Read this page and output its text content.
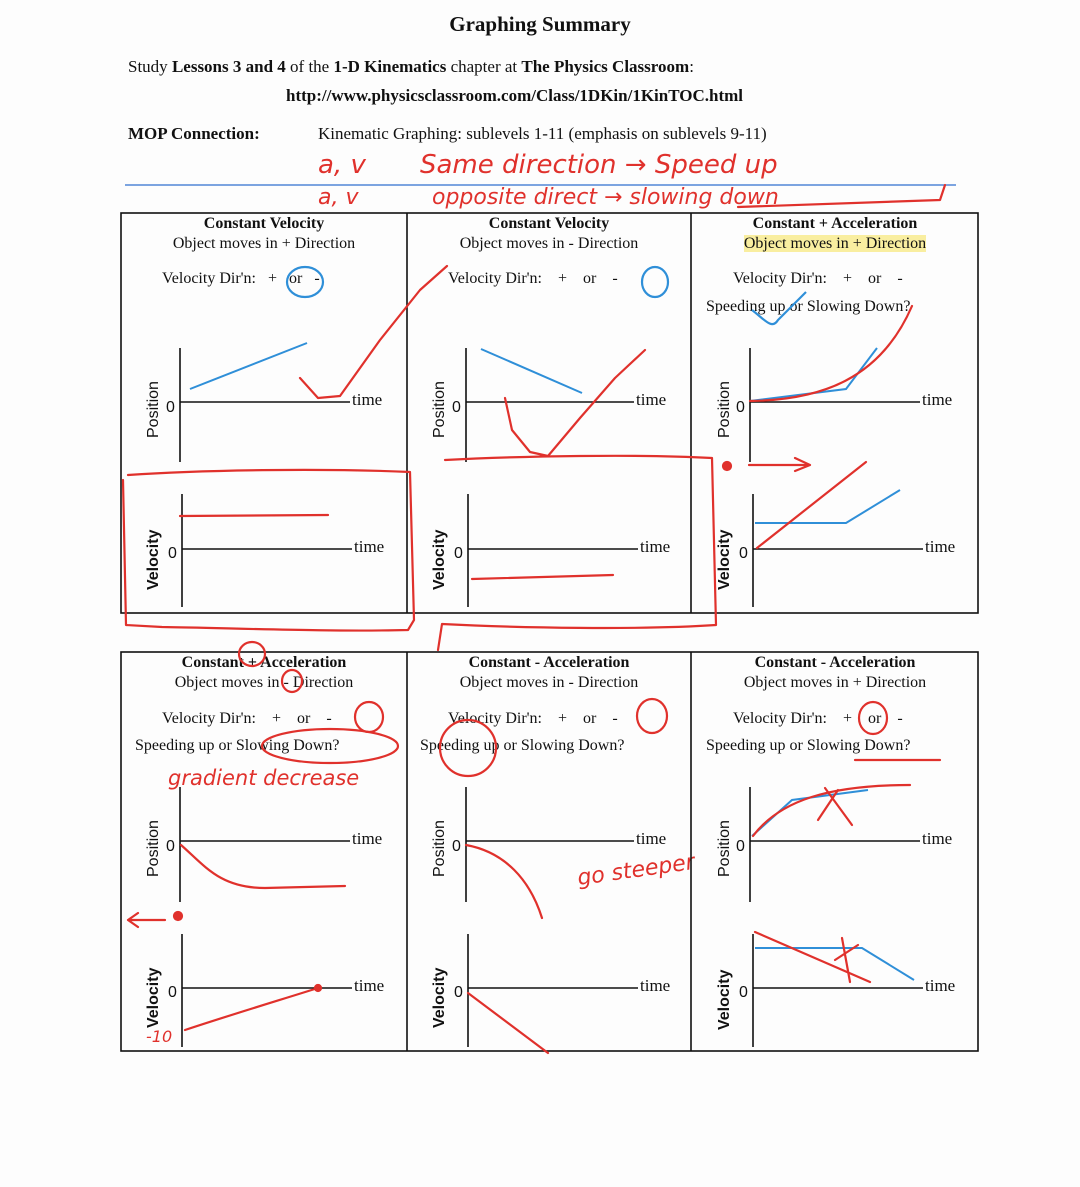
Graphing Summary
Study Lessons 3 and 4 of the 1-D Kinematics chapter at The Physics Classroom:
http://www.physicsclassroom.com/Class/1DKin/1KinTOC.html
MOP Connection:	Kinematic Graphing: sublevels 1-11 (emphasis on sublevels 9-11)
a, v Same direction → Speed up
a, v	opposite direct → slowing down
gradient decrease
go steeper
-10
Constant Velocity
Object moves in + Direction
Constant Velocity
Object moves in - Direction
Constant + Acceleration
Object moves in + Direction
Constant + Acceleration
Object moves in - Direction
Constant - Acceleration
Object moves in - Direction
Constant - Acceleration
Object moves in + Direction
Velocity Dir'n: + or -	Velocity Dir'n: + or -	Velocity Dir'n: + or -
Speeding up or Slowing Down?
Velocity Dir'n: + or -
Speeding up or Slowing Down?
Velocity Dir'n: + or -
Speeding up or Slowing Down?
Velocity Dir'n: + or -
Speeding up or Slowing Down?
time	time	time
time	time	time
time	time	time
time	time	time
0	0	0
0	0	0
0	0	0
0	0	0
Position	Position	Position
Position	Position	Position
Velocity	Velocity	Velocity
Velocity	Velocity	Velocity
